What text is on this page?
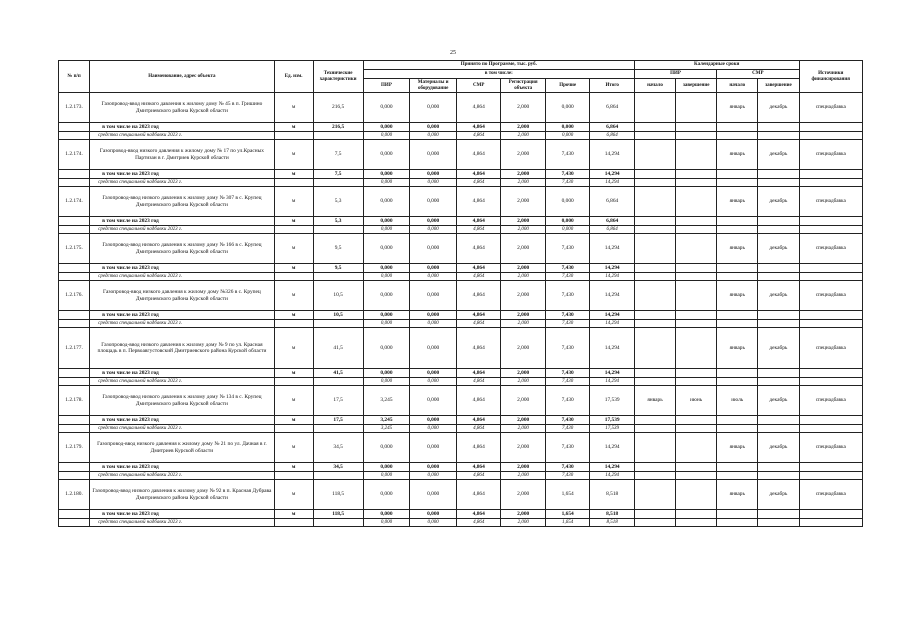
25
№ п/п	Наименование, адрес объекта	Ед. изм.	Технические характеристики	Принято по Программе, тыс. руб.						Календарные сроки				Источники финансирования
				в том числе:						ПИР		СМР		
				ПИР	Материалы и оборудование	СМР	Регистрация объекта	Прочие	Итого	начало	завершение	начало	завершение	
1.2.173.	Газопровод-ввод низкого давления к жилому дому № 45 в п. Гришино Дмитриевского района Курской области	м	216,5	0,000	0,000	4,864	2,000	0,000	6,864			январь	декабрь	спецнадбавка
	в том числе на 2023 год	м	216,5	0,000	0,000	4,864	2,000	0,000	6,864					
	средства специальной надбавки 2023 г.			0,000	0,000	4,864	2,000	0,000	6,864					
1.2.174.	Газопровод-ввод низкого давления к жилому дому № 17 по ул.Красных Партизан в г. Дмитриев Курской области	м	7,5	0,000	0,000	4,864	2,000	7,430	14,294			январь	декабрь	спецнадбавка
	в том числе на 2023 год	м	7,5	0,000	0,000	4,864	2,000	7,430	14,294					
	средства специальной надбавки 2023 г.			0,000	0,000	4,864	2,000	7,430	14,294					
1.2.174.	Газопровод-ввод низкого давления к жилому дому № 307 в с. Крупец Дмитриевского района Курской области	м	5,3	0,000	0,000	4,864	2,000	0,000	6,864			январь	декабрь	спецнадбавка
	в том числе на 2023 год	м	5,3	0,000	0,000	4,864	2,000	0,000	6,864					
	средства специальной надбавки 2023 г.			0,000	0,000	4,864	2,000	0,000	6,864					
1.2.175.	Газопровод-ввод низкого давления к жилому дому № 166 в с. Крупец Дмитриевского района Курской области	м	9,5	0,000	0,000	4,864	2,000	7,430	14,294			январь	декабрь	спецнадбавка
	в том числе на 2023 год	м	9,5	0,000	0,000	4,864	2,000	7,430	14,294					
	средства специальной надбавки 2023 г.			0,000	0,000	4,864	2,000	7,430	14,294					
1.2.176.	Газопровод-ввод низкого давления к жилому дому №326 в с. Крупец Дмитриевского района Курской области	м	10,5	0,000	0,000	4,864	2,000	7,430	14,294			январь	декабрь	спецнадбавка
	в том числе на 2023 год	м	10,5	0,000	0,000	4,864	2,000	7,430	14,294					
	средства специальной надбавки 2023 г.			0,000	0,000	4,864	2,000	7,430	14,294					
1.2.177.	Газопровод-ввод низкого давления к жилому дому № 9 по ул. Красная площадь в п. Первоавгустовский Дмитриевского района Курской области	м	41,5	0,000	0,000	4,864	2,000	7,430	14,294			январь	декабрь	спецнадбавка
	в том числе на 2023 год	м	41,5	0,000	0,000	4,864	2,000	7,430	14,294					
	средства специальной надбавки 2023 г.			0,000	0,000	4,864	2,000	7,430	14,294					
1.2.178.	Газопровод-ввод низкого давления к жилому дому № 134 в с. Крупец Дмитриевского района Курской области	м	17,5	3,245	0,000	4,864	2,000	7,430	17,539	январь	июнь	июль	декабрь	спецнадбавка
	в том числе на 2023 год	м	17,5	3,245	0,000	4,864	2,000	7,430	17,539					
	средства специальной надбавки 2023 г.			3,245	0,000	4,864	2,000	7,430	17,539					
1.2.179.	Газопровод-ввод низкого давления к жилому дому № 21 по ул. Дачная в г. Дмитриев Курской области	м	34,5	0,000	0,000	4,864	2,000	7,430	14,294			январь	декабрь	спецнадбавка
	в том числе на 2023 год	м	34,5	0,000	0,000	4,864	2,000	7,430	14,294					
	средства специальной надбавки 2023 г.			0,000	0,000	4,864	2,000	7,430	14,294					
1.2.180.	Газопровод-ввод низкого давления к жилому дому № 92 в п. Красная Дубрава Дмитриевского района Курской области	м	118,5	0,000	0,000	4,864	2,000	1,654	8,518			январь	декабрь	спецнадбавка
	в том числе на 2023 год	м	118,5	0,000	0,000	4,864	2,000	1,654	8,518					
	средства специальной надбавки 2023 г.			0,000	0,000	4,864	2,000	1,654	8,518					
